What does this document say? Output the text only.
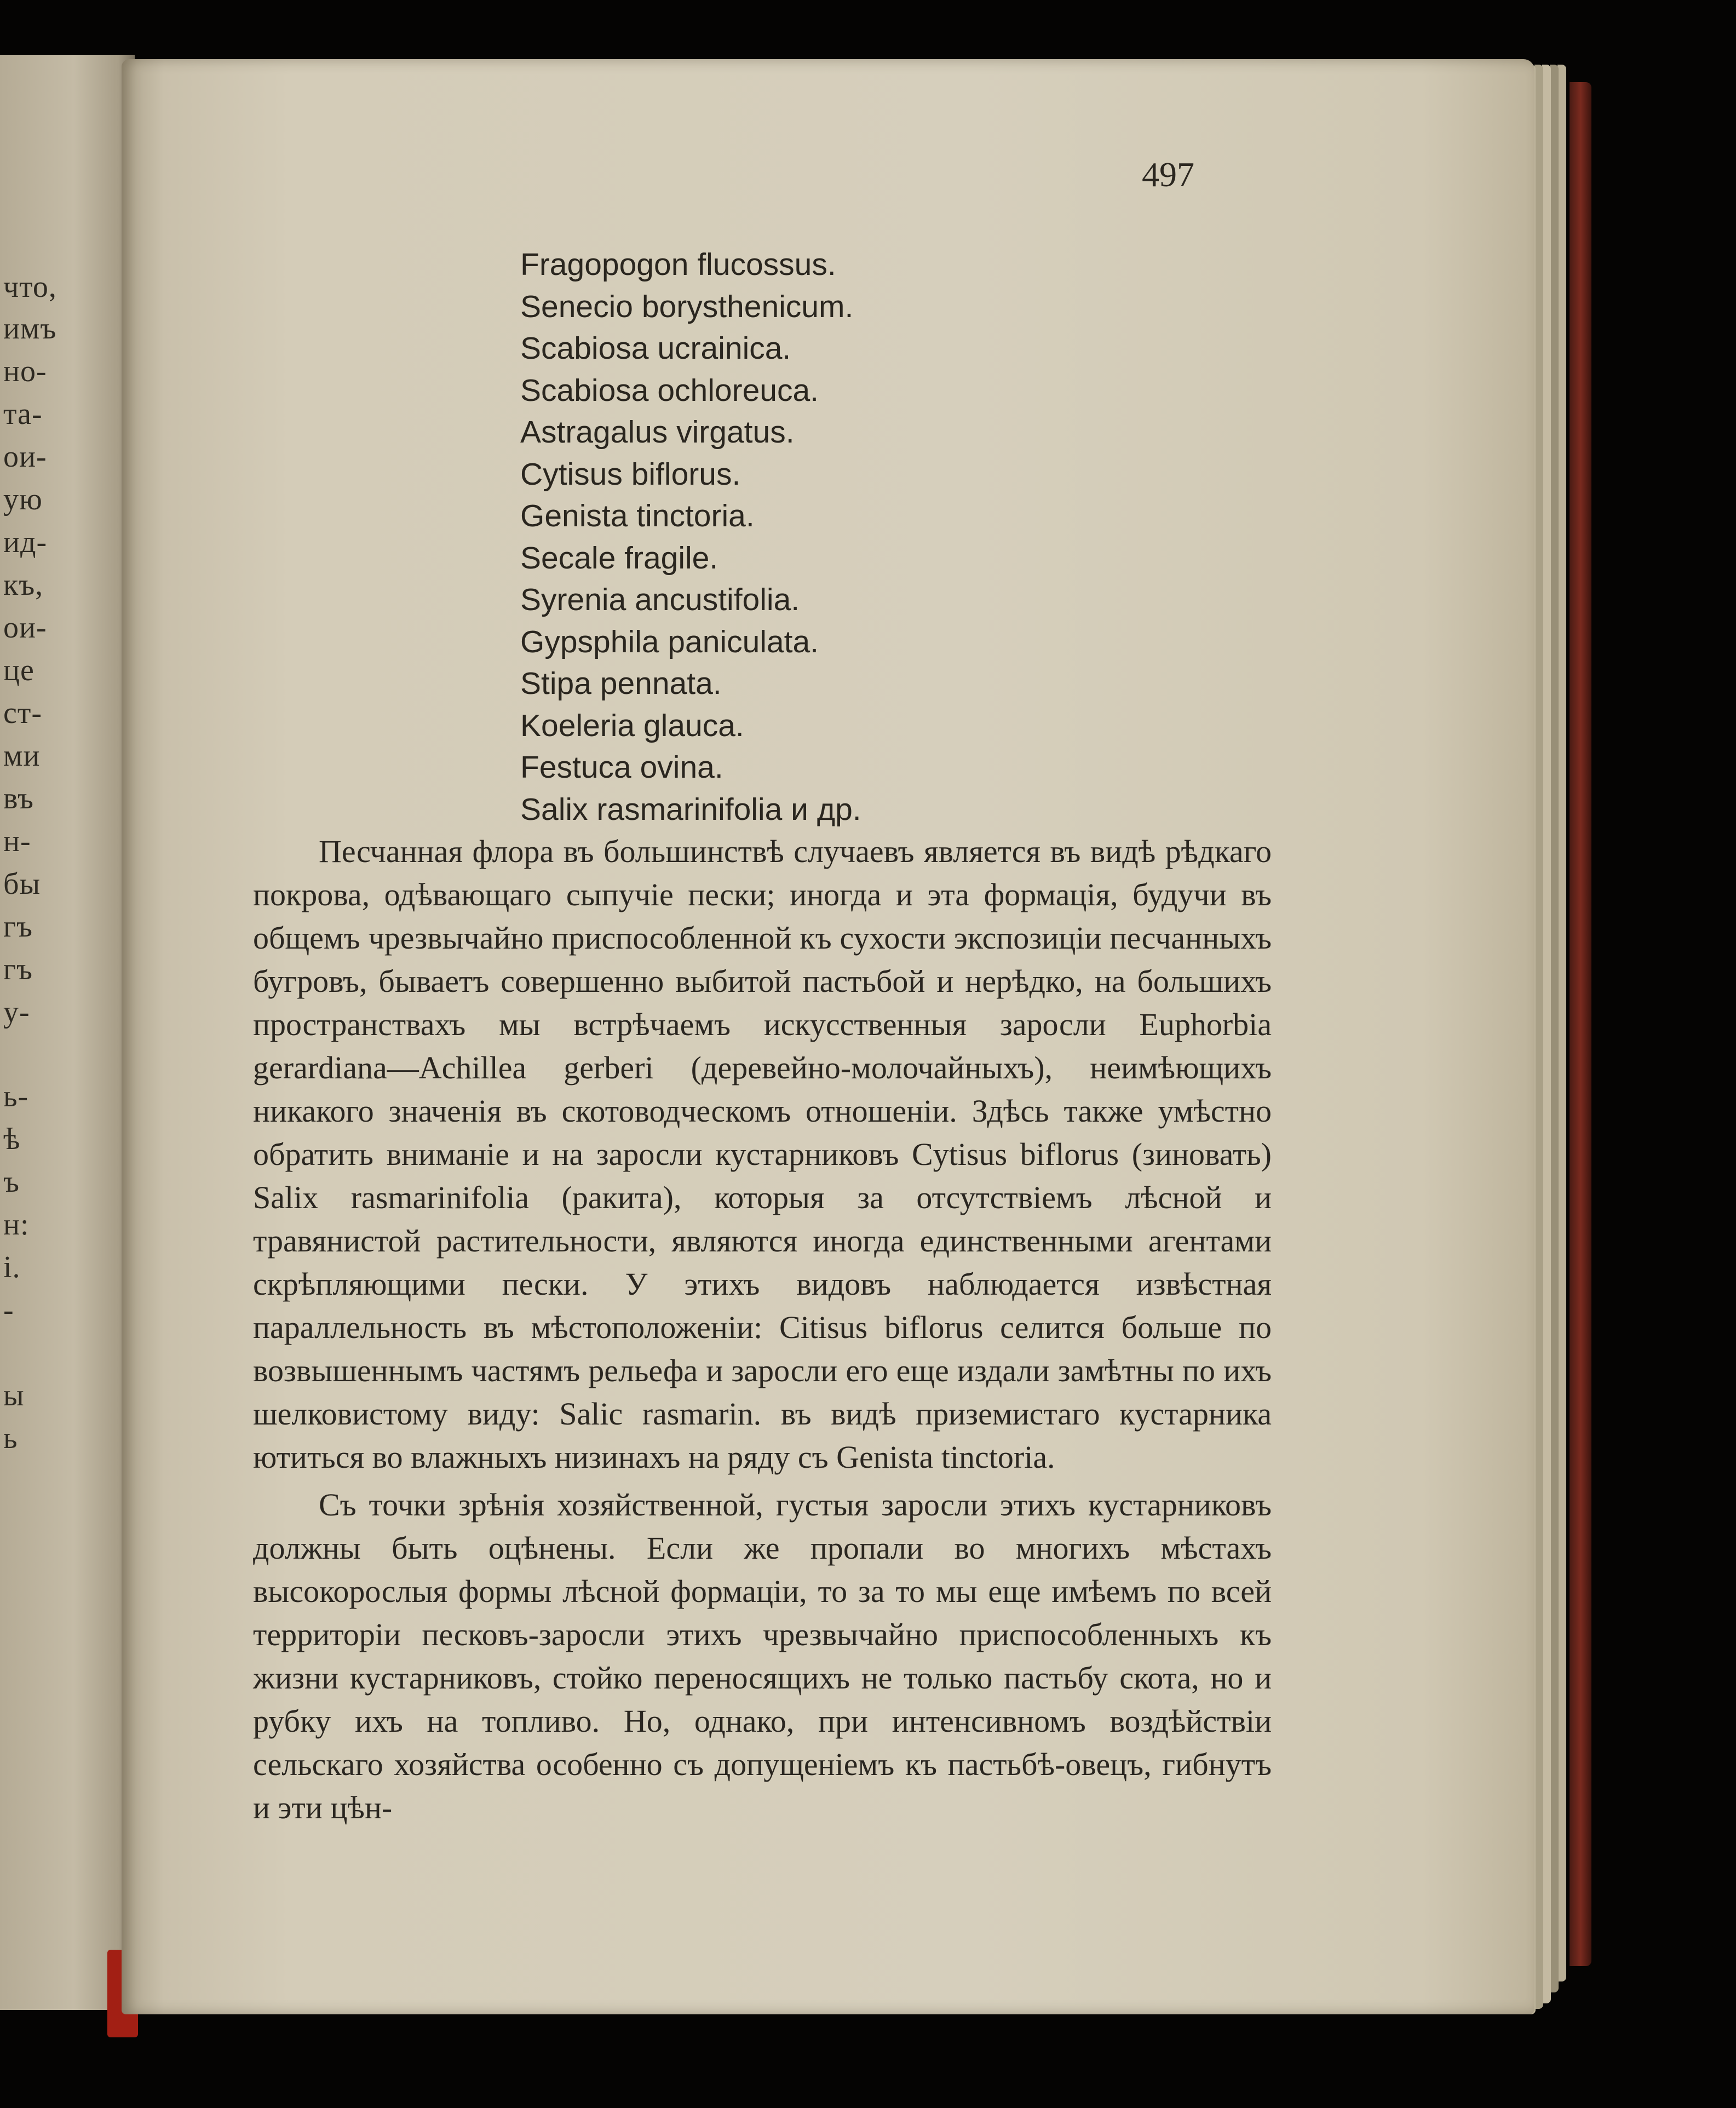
что,
имъ
но-
та-
ои-
ую
ид-
къ,
ои-
це
ст-
ми
въ
н-
бы
гъ
гъ
у-
ь-
ѣ
ъ
н:
і.
-
ы
ь
497
Fragopogon flucossus.
Senecio borysthenicum.
Scabiosa ucrainica.
Scabiosa ochloreuca.
Astragalus virgatus.
Cytisus biflorus.
Genista tinctoria.
Secale fragile.
Syrenia ancustifolia.
Gypsphila paniculata.
Stipa pennata.
Koeleria glauca.
Festuca ovina.
Salix rasmarinifolia и др.

Песчанная флора въ большинствѣ случаевъ является въ видѣ рѣдкаго покрова, одѣвающаго сыпучіе пески; иногда и эта формація, будучи въ общемъ чрезвычайно приспособленной къ сухости экспозиціи песчанныхъ бугровъ, бываетъ совершенно выбитой пастьбой и нерѣдко, на большихъ пространствахъ мы встрѣчаемъ искусственныя заросли Euphorbia gerardiana—Achillea gerberi (деревейно-молочайныхъ), неимѣющихъ никакого значенія въ скотоводческомъ отношеніи. Здѣсь также умѣстно обратить вниманіе и на заросли кустарниковъ Cytisus biflorus (зиновать) Salix rasmarinifolia (ракита), которыя за отсутствіемъ лѣсной и травянистой растительности, являются иногда единственными агентами скрѣпляющими пески. У этихъ видовъ наблюдается извѣстная параллельность въ мѣстоположеніи: Citisus biflorus селится больше по возвышеннымъ частямъ рельефа и заросли его еще издали замѣтны по ихъ шелковистому виду: Salіс rasmarin. въ видѣ приземистаго кустарника ютиться во влажныхъ низинахъ на ряду съ Genista tinctoria.

Съ точки зрѣнія хозяйственной, густыя заросли этихъ кустарниковъ должны быть оцѣнены. Если же пропали во многихъ мѣстахъ высокорослыя формы лѣсной формаціи, то за то мы еще имѣемъ по всей территоріи песковъ-заросли этихъ чрезвычайно приспособленныхъ къ жизни кустарниковъ, стойко переносящихъ не только пастьбу скота, но и рубку ихъ на топливо. Но, однако, при интенсивномъ воздѣйствіи сельскаго хозяйства особенно съ допущеніемъ къ пастьбѣ-овецъ, гибнутъ и эти цѣн-
